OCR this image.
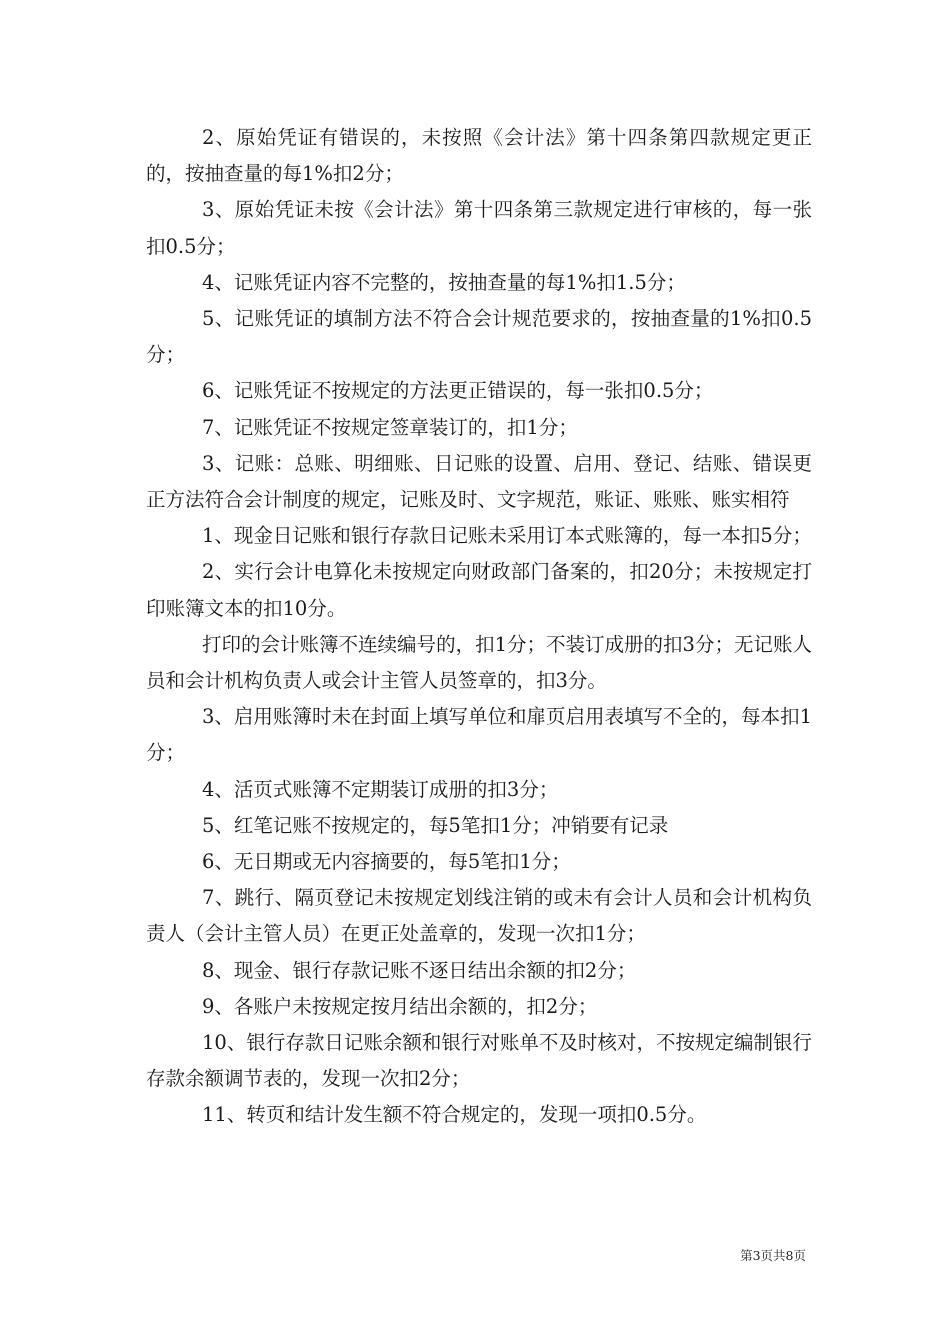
2、原始凭证有错误的，未按照《会计法》第十四条第四款规定更正的，按抽查量的每1%扣2分；

3、原始凭证未按《会计法》第十四条第三款规定进行审核的，每一张扣0.5分；

4、记账凭证内容不完整的，按抽查量的每1%扣1.5分；

5、记账凭证的填制方法不符合会计规范要求的，按抽查量的1%扣0.5分；

6、记账凭证不按规定的方法更正错误的，每一张扣0.5分；

7、记账凭证不按规定签章装订的，扣1分；

3、记账：总账、明细账、日记账的设置、启用、登记、结账、错误更正方法符合会计制度的规定，记账及时、文字规范，账证、账账、账实相符

1、现金日记账和银行存款日记账未采用订本式账簿的，每一本扣5分；

2、实行会计电算化未按规定向财政部门备案的，扣20分；未按规定打印账簿文本的扣10分。

打印的会计账簿不连续编号的，扣1分；不装订成册的扣3分；无记账人员和会计机构负责人或会计主管人员签章的，扣3分。

3、启用账簿时未在封面上填写单位和扉页启用表填写不全的，每本扣1分；

4、活页式账簿不定期装订成册的扣3分；

5、红笔记账不按规定的，每5笔扣1分；冲销要有记录

6、无日期或无内容摘要的，每5笔扣1分；

7、跳行、隔页登记未按规定划线注销的或未有会计人员和会计机构负责人（会计主管人员）在更正处盖章的，发现一次扣1分；

8、现金、银行存款记账不逐日结出余额的扣2分；

9、各账户未按规定按月结出余额的，扣2分；

10、银行存款日记账余额和银行对账单不及时核对，不按规定编制银行存款余额调节表的，发现一次扣2分；

11、转页和结计发生额不符合规定的，发现一项扣0.5分。

第3页共8页
